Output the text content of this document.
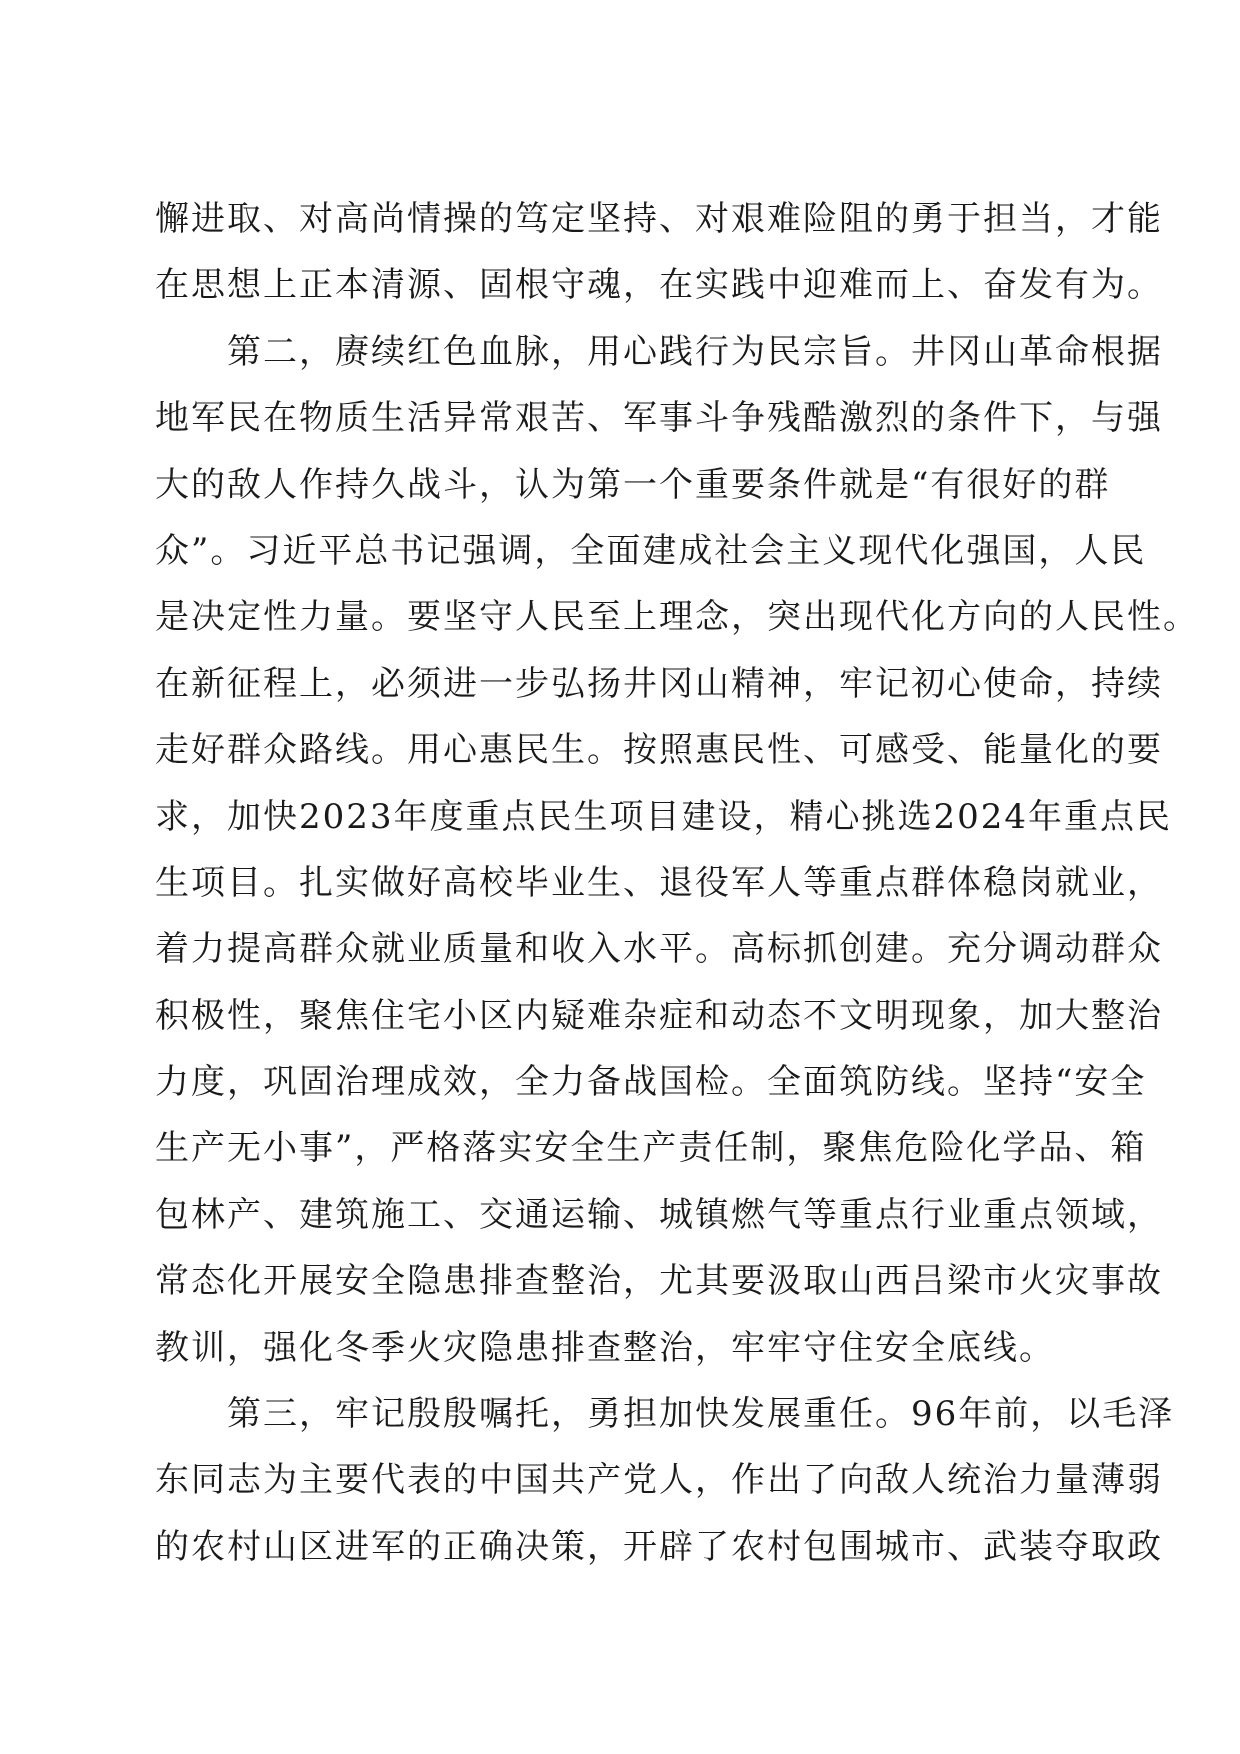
懈进取、对高尚情操的笃定坚持、对艰难险阻的勇于担当，才能
在思想上正本清源、固根守魂，在实践中迎难而上、奋发有为。
　　第二，赓续红色血脉，用心践行为民宗旨。井冈山革命根据
地军民在物质生活异常艰苦、军事斗争残酷激烈的条件下，与强
大的敌人作持久战斗，认为第一个重要条件就是“有很好的群
众”。习近平总书记强调，全面建成社会主义现代化强国，人民
是决定性力量。要坚守人民至上理念，突出现代化方向的人民性。
在新征程上，必须进一步弘扬井冈山精神，牢记初心使命，持续
走好群众路线。用心惠民生。按照惠民性、可感受、能量化的要
求，加快2023年度重点民生项目建设，精心挑选2024年重点民
生项目。扎实做好高校毕业生、退役军人等重点群体稳岗就业，
着力提高群众就业质量和收入水平。高标抓创建。充分调动群众
积极性，聚焦住宅小区内疑难杂症和动态不文明现象，加大整治
力度，巩固治理成效，全力备战国检。全面筑防线。坚持“安全
生产无小事”，严格落实安全生产责任制，聚焦危险化学品、箱
包林产、建筑施工、交通运输、城镇燃气等重点行业重点领域，
常态化开展安全隐患排查整治，尤其要汲取山西吕梁市火灾事故
教训，强化冬季火灾隐患排查整治，牢牢守住安全底线。
　　第三，牢记殷殷嘱托，勇担加快发展重任。96年前，以毛泽
东同志为主要代表的中国共产党人，作出了向敌人统治力量薄弱
的农村山区进军的正确决策，开辟了农村包围城市、武装夺取政
